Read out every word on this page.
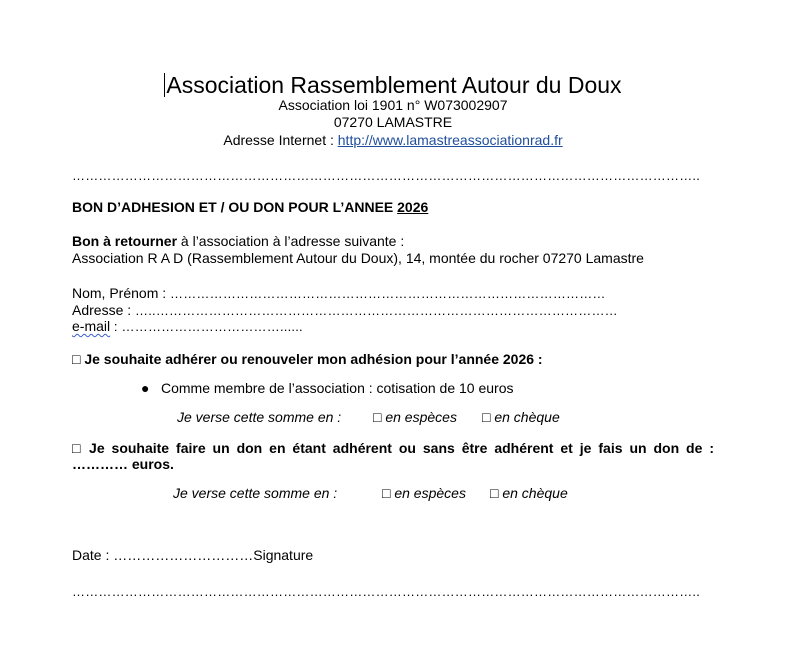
Association Rassemblement Autour du Doux
Association loi 1901 n° W073002907
07270 LAMASTRE
Adresse Internet : http://www.lamastreassociationrad.fr
……………………………………………………………………………………………………………………………..
BON D’ADHESION ET / OU DON POUR L’ANNEE 2026
Bon à retourner à l’association à l’adresse suivante :
Association R A D (Rassemblement Autour du Doux), 14, montée du rocher 07270 Lamastre
Nom, Prénom : ………………………………………………………………………………………
Adresse : …..……………………………………………………………………………………………
e-mail : ………………………………......
□ Je souhaite adhérer ou renouveler mon adhésion pour l’année 2026 :
● Comme membre de l’association : cotisation de 10 euros
Je verse cette somme en : □ en espèces □ en chèque
□ Je souhaite faire un don en étant adhérent ou sans être adhérent et je fais un don de :
………… euros.
Je verse cette somme en :	□ en espèces □ en chèque
Date : …………………………Signature
……………………………………………………………………………………………………………………………..
